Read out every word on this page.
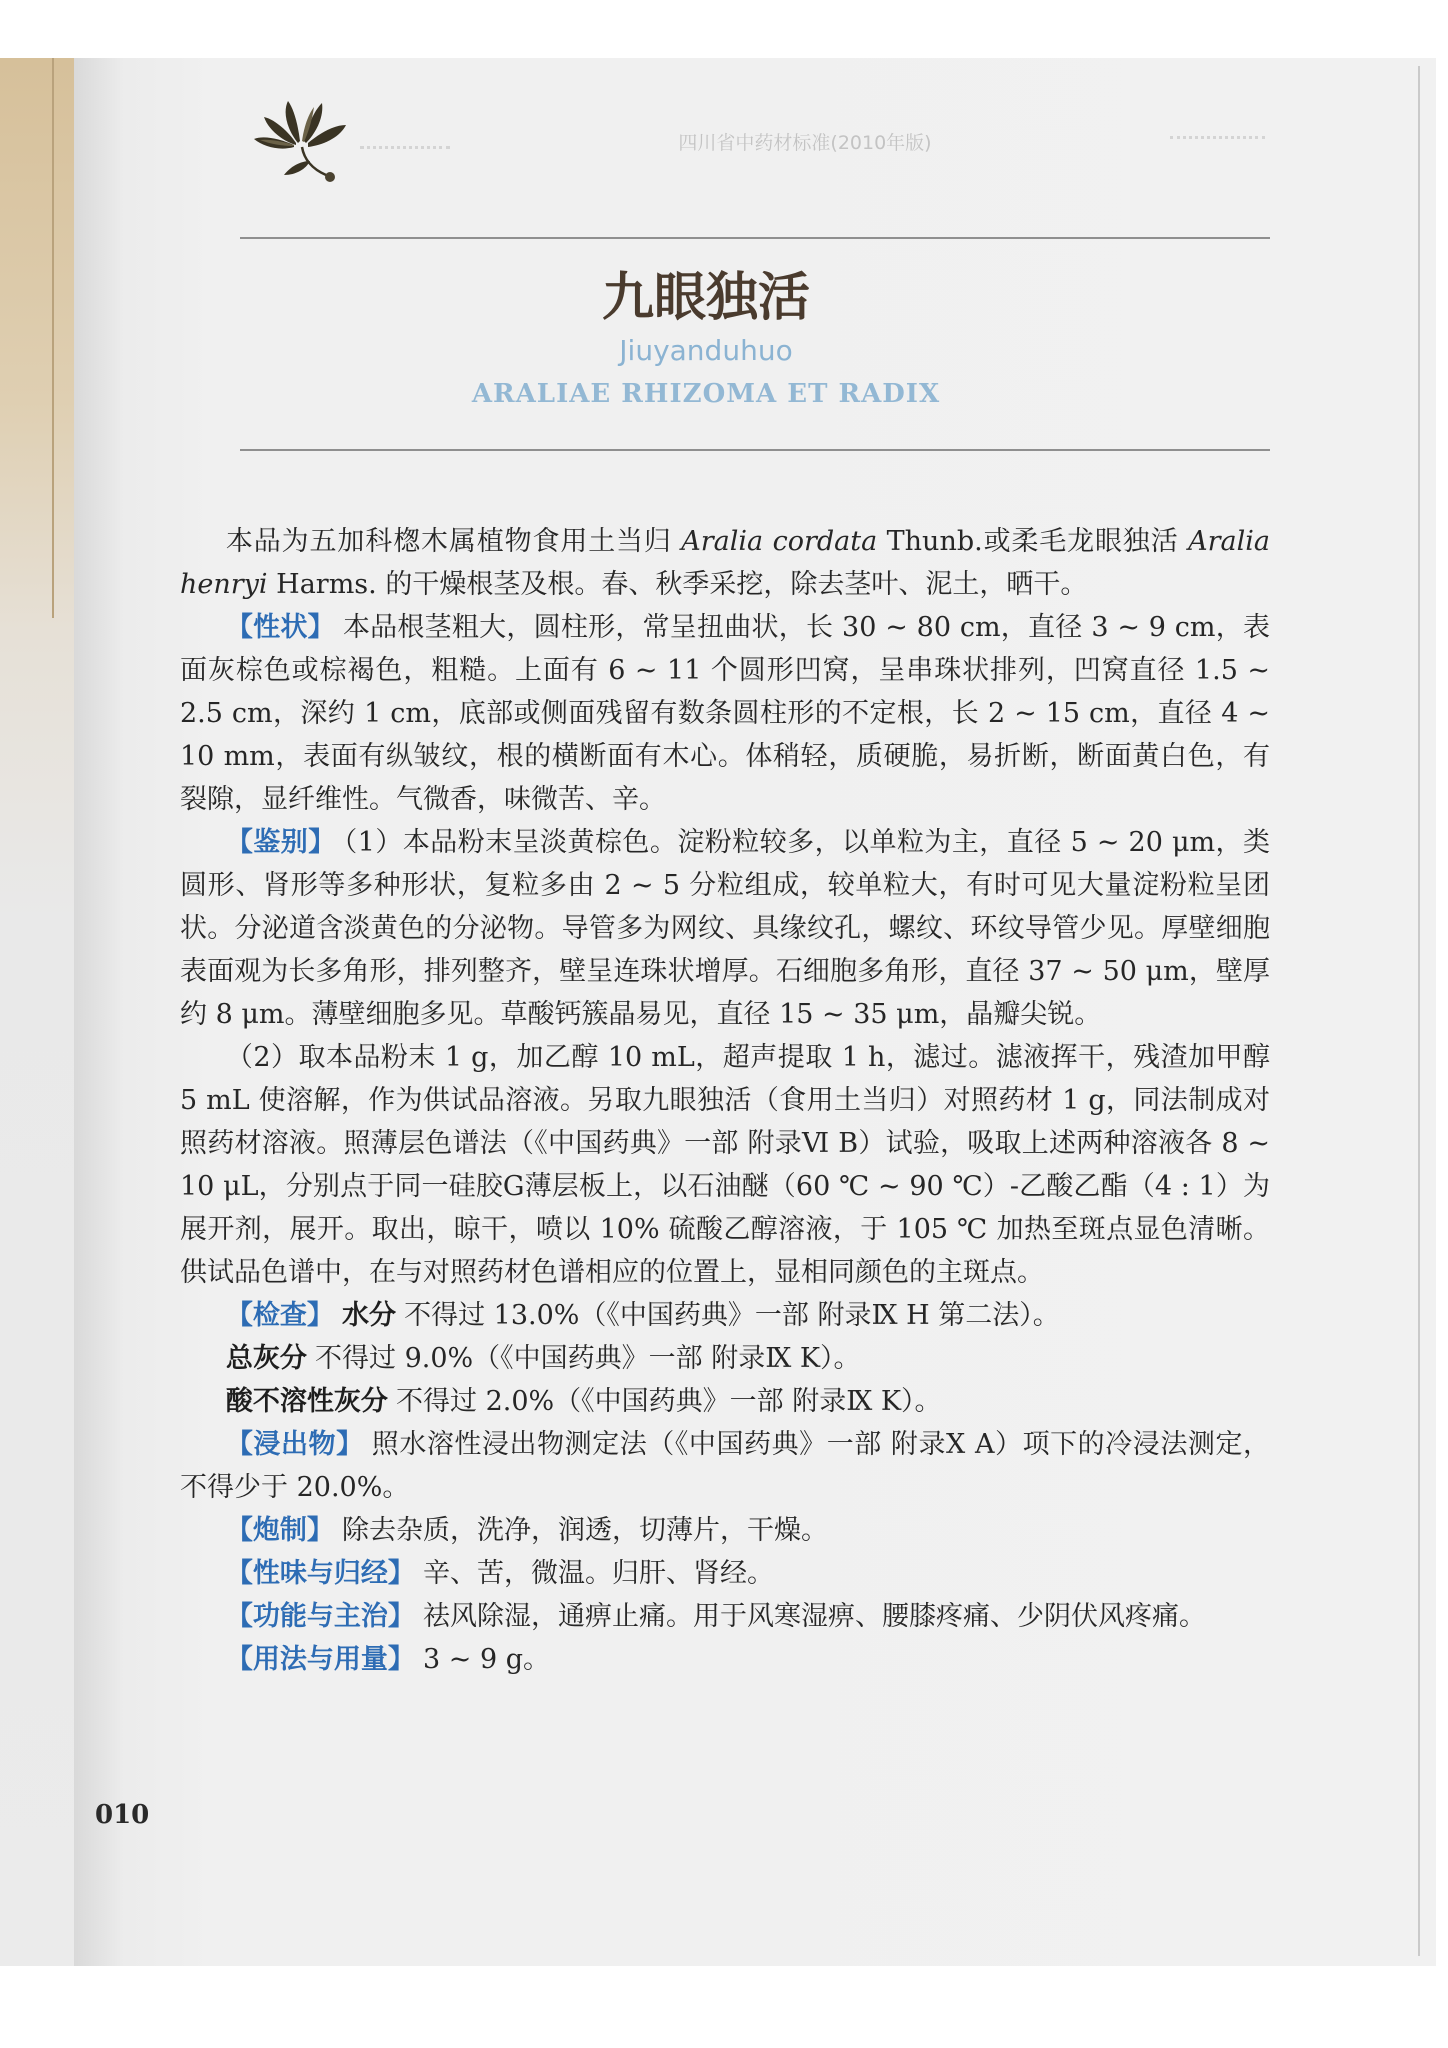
四川省中药材标准(2010年版)
九眼独活
Jiuyanduhuo
ARALIAE RHIZOMA ET RADIX

本品为五加科楤木属植物食用土当归 Aralia cordata Thunb.或柔毛龙眼独活 Aralia henryi Harms. 的干燥根茎及根。春、秋季采挖，除去茎叶、泥土，晒干。

【性状】 本品根茎粗大，圆柱形，常呈扭曲状，长 30 ~ 80 cm，直径 3 ~ 9 cm，表面灰棕色或棕褐色，粗糙。上面有 6 ~ 11 个圆形凹窝，呈串珠状排列，凹窝直径 1.5 ~ 2.5 cm，深约 1 cm，底部或侧面残留有数条圆柱形的不定根，长 2 ~ 15 cm，直径 4 ~ 10 mm，表面有纵皱纹，根的横断面有木心。体稍轻，质硬脆，易折断，断面黄白色，有裂隙，显纤维性。气微香，味微苦、辛。

【鉴别】 （1）本品粉末呈淡黄棕色。淀粉粒较多，以单粒为主，直径 5 ~ 20 μm，类圆形、肾形等多种形状，复粒多由 2 ~ 5 分粒组成，较单粒大，有时可见大量淀粉粒呈团状。分泌道含淡黄色的分泌物。导管多为网纹、具缘纹孔，螺纹、环纹导管少见。厚壁细胞表面观为长多角形，排列整齐，壁呈连珠状增厚。石细胞多角形，直径 37 ~ 50 μm，壁厚约 8 μm。薄壁细胞多见。草酸钙簇晶易见，直径 15 ~ 35 μm，晶瓣尖锐。

（2）取本品粉末 1 g，加乙醇 10 mL，超声提取 1 h，滤过。滤液挥干，残渣加甲醇 5 mL 使溶解，作为供试品溶液。另取九眼独活（食用土当归）对照药材 1 g，同法制成对照药材溶液。照薄层色谱法（《中国药典》一部 附录Ⅵ B）试验，吸取上述两种溶液各 8 ~ 10 μL，分别点于同一硅胶G薄层板上，以石油醚（60 ℃ ~ 90 ℃）-乙酸乙酯（4 : 1）为展开剂，展开。取出，晾干，喷以 10% 硫酸乙醇溶液，于 105 ℃ 加热至斑点显色清晰。供试品色谱中，在与对照药材色谱相应的位置上，显相同颜色的主斑点。

【检查】 水分 不得过 13.0%（《中国药典》一部 附录Ⅸ H 第二法）。

总灰分 不得过 9.0%（《中国药典》一部 附录Ⅸ K）。

酸不溶性灰分 不得过 2.0%（《中国药典》一部 附录Ⅸ K）。

【浸出物】 照水溶性浸出物测定法（《中国药典》一部 附录Ⅹ A）项下的冷浸法测定，不得少于 20.0%。

【炮制】 除去杂质，洗净，润透，切薄片，干燥。

【性味与归经】 辛、苦，微温。归肝、肾经。

【功能与主治】 祛风除湿，通痹止痛。用于风寒湿痹、腰膝疼痛、少阴伏风疼痛。

【用法与用量】 3 ~ 9 g。

010
